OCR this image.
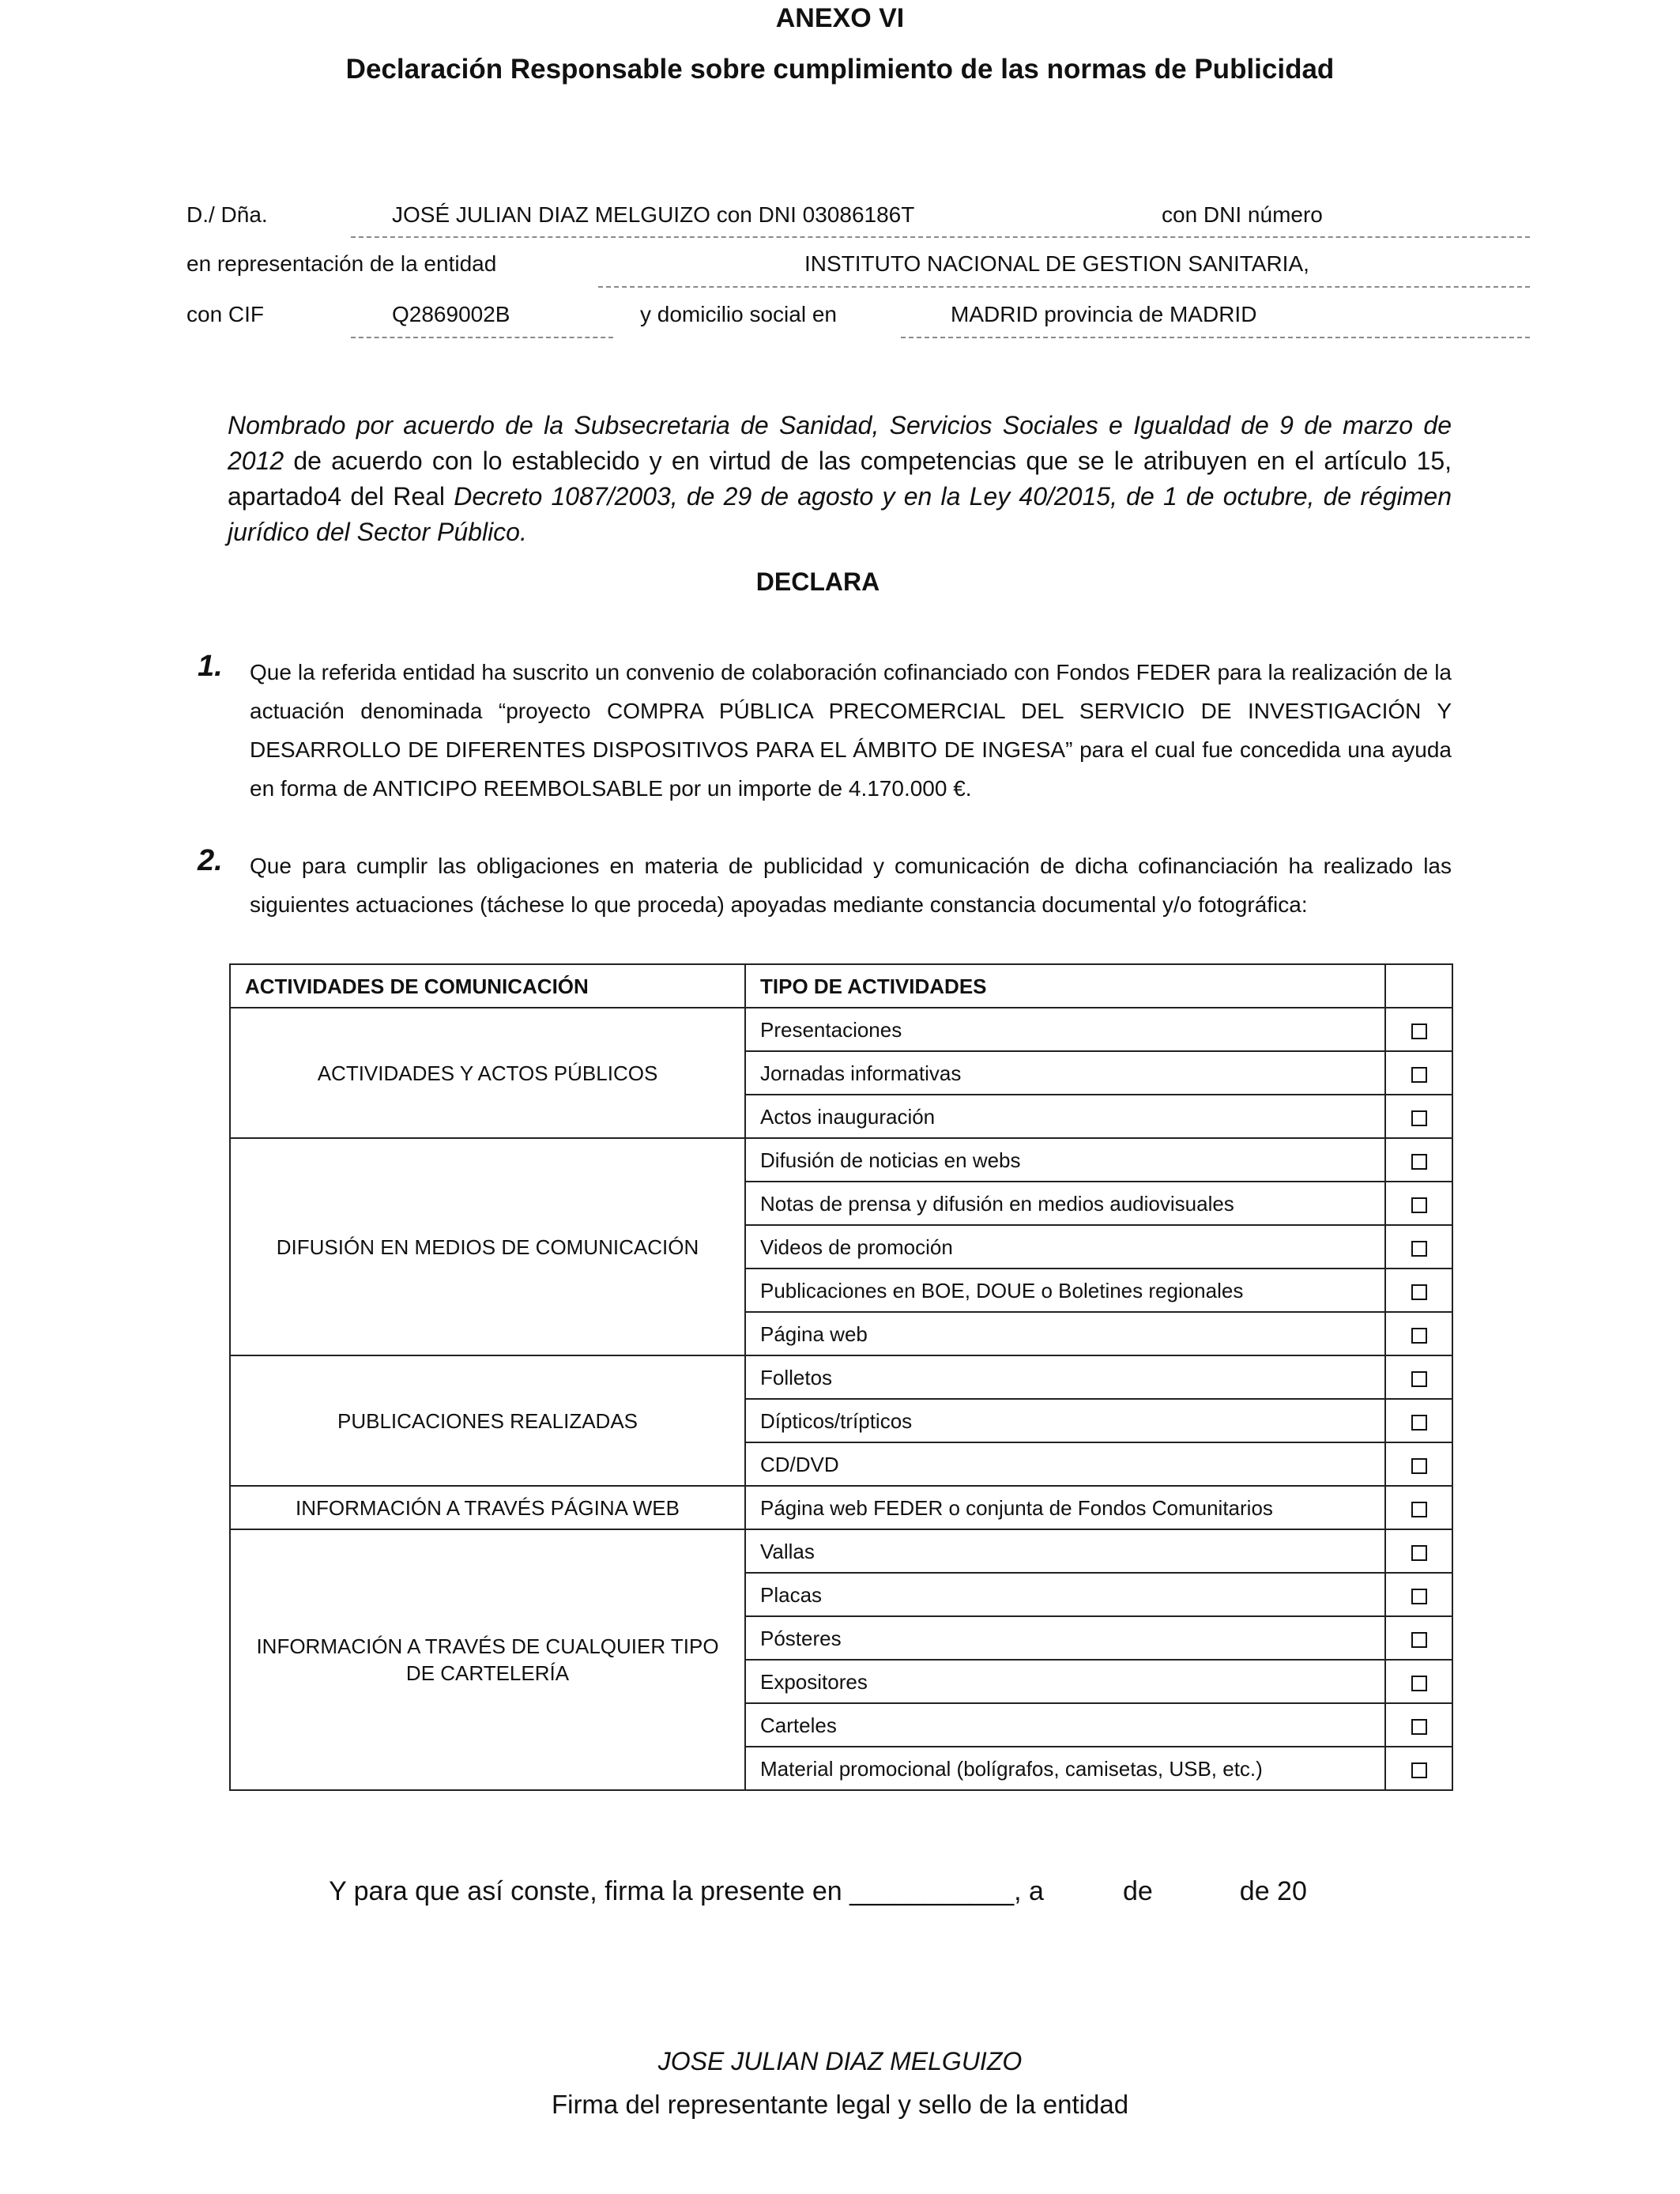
ANEXO VI
Declaración Responsable sobre cumplimiento de las normas de Publicidad
D./ Dña.	JOSÉ JULIAN DIAZ MELGUIZO con DNI 03086186T	con DNI número
en representación de la entidad	INSTITUTO NACIONAL DE GESTION SANITARIA,
con CIF	Q2869002B	y domicilio social en	MADRID provincia de MADRID
Nombrado por acuerdo de la Subsecretaria de Sanidad, Servicios Sociales e Igualdad de 9 de marzo de 2012 de acuerdo con lo establecido y en virtud de las competencias que se le atribuyen en el artículo 15, apartado4 del Real Decreto 1087/2003, de 29 de agosto y en la Ley 40/2015, de 1 de octubre, de régimen jurídico del Sector Público.
DECLARA
1. Que la referida entidad ha suscrito un convenio de colaboración cofinanciado con Fondos FEDER para la realización de la actuación denominada “proyecto COMPRA PÚBLICA PRECOMERCIAL DEL SERVICIO DE INVESTIGACIÓN Y DESARROLLO DE DIFERENTES DISPOSITIVOS PARA EL ÁMBITO DE INGESA” para el cual fue concedida una ayuda en forma de ANTICIPO REEMBOLSABLE por un importe de 4.170.000 €.
2. Que para cumplir las obligaciones en materia de publicidad y comunicación de dicha cofinanciación ha realizado las siguientes actuaciones (táchese lo que proceda) apoyadas mediante constancia documental y/o fotográfica:
ACTIVIDADES DE COMUNICACIÓN	TIPO DE ACTIVIDADES	
ACTIVIDADES Y ACTOS PÚBLICOS	Presentaciones	
	Jornadas informativas	
	Actos inauguración	
DIFUSIÓN EN MEDIOS DE COMUNICACIÓN	Difusión de noticias en webs	
	Notas de prensa y difusión en medios audiovisuales	
	Videos de promoción	
	Publicaciones en BOE, DOUE o Boletines regionales	
	Página web	
PUBLICACIONES REALIZADAS	Folletos	
	Dípticos/trípticos	
	CD/DVD	
INFORMACIÓN A TRAVÉS PÁGINA WEB	Página web FEDER o conjunta de Fondos Comunitarios	
INFORMACIÓN A TRAVÉS DE CUALQUIER TIPO DE CARTELERÍA	Vallas	
	Placas	
	Pósteres	
	Expositores	
	Carteles	
	Material promocional (bolígrafos, camisetas, USB, etc.)	
Y para que así conste, firma la presente en ___________, a	de	de 20
JOSE JULIAN DIAZ MELGUIZO
Firma del representante legal y sello de la entidad
